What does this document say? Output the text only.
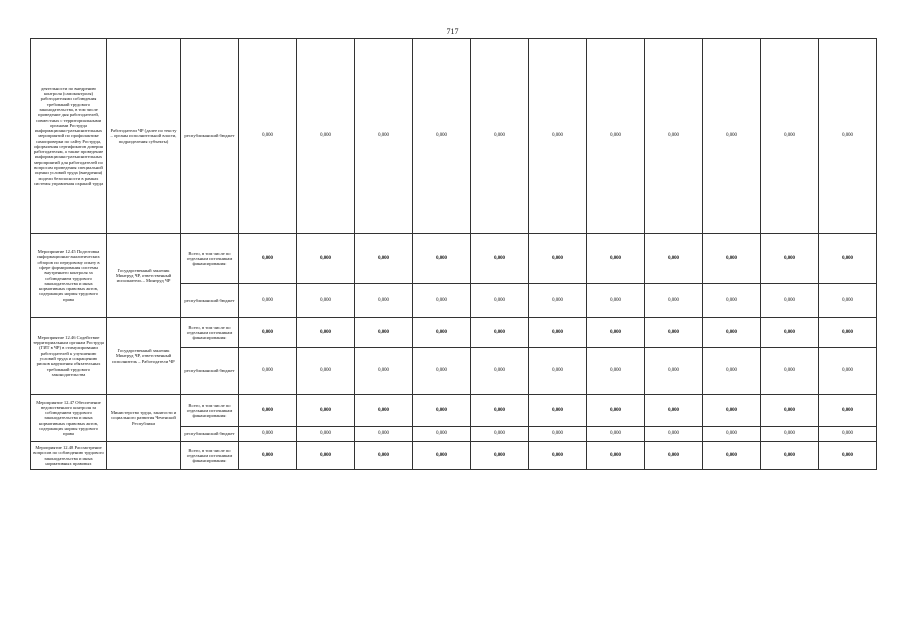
717
деятельности по внедрению контроля (самоконтроля) работодателями соблюдения требований трудового законодательства, в том числе проведение дня работодателей, совместных с территориальными органами Роструда информационно-разъяснительных мероприятий по профилактике самопроверки по сайту Роструда, оформления сертификатов доверия работодателям, а также проведение информационно-разъяснительных мероприятий для работодателей по вопросам проведения специальной оценки условий труда (внедрения) модели безопасности в рамках системы управления охраной труда	Работодатели ЧР (далее по тексту – органы исполнительной власти, подразделения субъекты)	республиканский бюджет	0,000	0,000	0,000	0,000	0,000	0,000	0,000	0,000	0,000	0,000	0,000
Мероприятие 12.45 Подготовка информационно-аналитических обзоров по передовому опыту в сфере формирования системы внутреннего контроля за соблюдением трудового законодательства и иных нормативных правовых актов, содержащих нормы трудового права	Государственный заказчик Минтруд ЧР, ответственный исполнитель – Минтруд ЧР	Всего, в том числе по отдельным источникам финансирования:	0,000	0,000	0,000	0,000	0,000	0,000	0,000	0,000	0,000	0,000	0,000
		республиканский бюджет	0,000	0,000	0,000	0,000	0,000	0,000	0,000	0,000	0,000	0,000	0,000
Мероприятие 12.46 Содействие территориальным органам Роструда (ГИТ в ЧР) в стимулировании работодателей к улучшению условий труда и сокращению рисков нарушения обязательных требований трудового законодательства	Государственный заказчик Минтруд ЧР, ответственный исполнитель – Работодатели ЧР	Всего, в том числе по отдельным источникам финансирования:	0,000	0,000	0,000	0,000	0,000	0,000	0,000	0,000	0,000	0,000	0,000
		республиканский бюджет	0,000	0,000	0,000	0,000	0,000	0,000	0,000	0,000	0,000	0,000	0,000
Мероприятие 12.47 Обеспечение ведомственного контроля за соблюдением трудового законодательства и иных нормативных правовых актов, содержащих нормы трудового права	Министерство труда, занятости и социального развития Чеченской Республики	Всего, в том числе по отдельным источникам финансирования:	0,000	0,000	0,000	0,000	0,000	0,000	0,000	0,000	0,000	0,000	0,000
		республиканский бюджет	0,000	0,000	0,000	0,000	0,000	0,000	0,000	0,000	0,000	0,000	0,000
Мероприятие 12.48 Рассмотрение вопросов по соблюдению трудового законодательства и иных нормативных правовых		Всего, в том числе по отдельным источникам финансирования:	0,000	0,000	0,000	0,000	0,000	0,000	0,000	0,000	0,000	0,000	0,000
